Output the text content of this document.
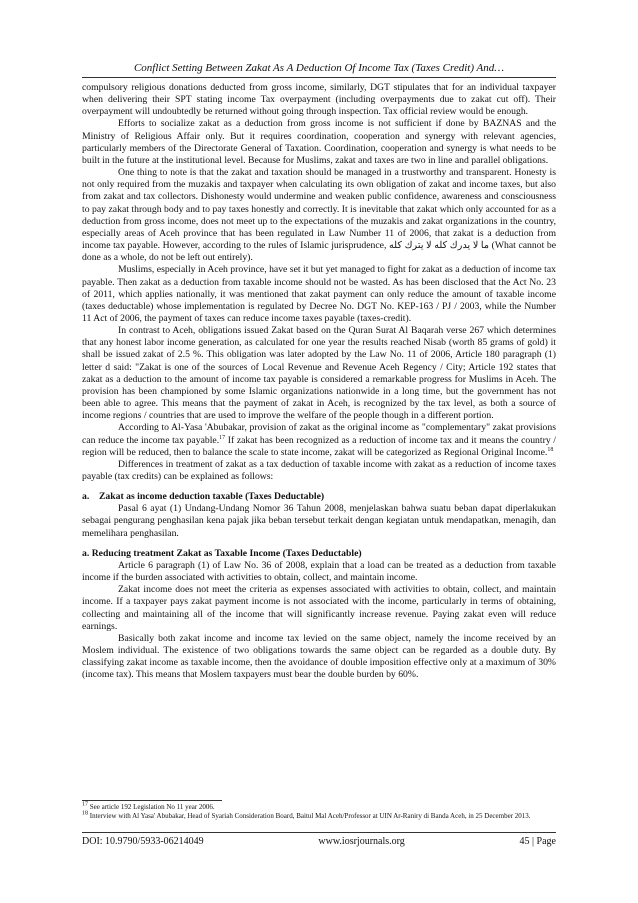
Conflict Setting Between Zakat As A Deduction Of Income Tax (Taxes Credit) And…

compulsory religious donations deducted from gross income, similarly, DGT stipulates that for an individual taxpayer when delivering their SPT stating income Tax overpayment (including overpayments due to zakat cut off). Their overpayment will undoubtedly be returned without going through inspection. Tax official review would be enough.

Efforts to socialize zakat as a deduction from gross income is not sufficient if done by BAZNAS and the Ministry of Religious Affair only. But it requires coordination, cooperation and synergy with relevant agencies, particularly members of the Directorate General of Taxation. Coordination, cooperation and synergy is what needs to be built in the future at the institutional level. Because for Muslims, zakat and taxes are two in line and parallel obligations.

One thing to note is that the zakat and taxation should be managed in a trustworthy and transparent. Honesty is not only required from the muzakis and taxpayer when calculating its own obligation of zakat and income taxes, but also from zakat and tax collectors. Dishonesty would undermine and weaken public confidence, awareness and consciousness to pay zakat through body and to pay taxes honestly and correctly. It is inevitable that zakat which only accounted for as a deduction from gross income, does not meet up to the expectations of the muzakis and zakat organizations in the country, especially areas of Aceh province that has been regulated in Law Number 11 of 2006, that zakat is a deduction from income tax payable. However, according to the rules of Islamic jurisprudence, ما لا يدرك كله لا يترك كله (What cannot be done as a whole, do not be left out entirely).

Muslims, especially in Aceh province, have set it but yet managed to fight for zakat as a deduction of income tax payable. Then zakat as a deduction from taxable income should not be wasted. As has been disclosed that the Act No. 23 of 2011, which applies nationally, it was mentioned that zakat payment can only reduce the amount of taxable income (taxes deductable) whose implementation is regulated by Decree No. DGT No. KEP-163 / PJ / 2003, while the Number 11 Act of 2006, the payment of taxes can reduce income taxes payable (taxes-credit).

In contrast to Aceh, obligations issued Zakat based on the Quran Surat Al Baqarah verse 267 which determines that any honest labor income generation, as calculated for one year the results reached Nisab (worth 85 grams of gold) it shall be issued zakat of 2.5 %. This obligation was later adopted by the Law No. 11 of 2006, Article 180 paragraph (1) letter d said: "Zakat is one of the sources of Local Revenue and Revenue Aceh Regency / City; Article 192 states that zakat as a deduction to the amount of income tax payable is considered a remarkable progress for Muslims in Aceh. The provision has been championed by some Islamic organizations nationwide in a long time, but the government has not been able to agree. This means that the payment of zakat in Aceh, is recognized by the tax level, as both a source of income regions / countries that are used to improve the welfare of the people though in a different portion.

According to Al-Yasa 'Abubakar, provision of zakat as the original income as "complementary" zakat provisions can reduce the income tax payable.$^{17}$ If zakat has been recognized as a reduction of income tax and it means the country / region will be reduced, then to balance the scale to state income, zakat will be categorized as Regional Original Income.$^{18}$

Differences in treatment of zakat as a tax deduction of taxable income with zakat as a reduction of income taxes payable (tax credits) can be explained as follows:

a.    Zakat as income deduction taxable (Taxes Deductable)

Pasal 6 ayat (1) Undang-Undang Nomor 36 Tahun 2008, menjelaskan bahwa suatu beban dapat diperlakukan sebagai pengurang penghasilan kena pajak jika beban tersebut terkait dengan kegiatan untuk mendapatkan, menagih, dan memelihara penghasilan.

a. Reducing treatment Zakat as Taxable Income (Taxes Deductable)

Article 6 paragraph (1) of Law No. 36 of 2008, explain that a load can be treated as a deduction from taxable income if the burden associated with activities to obtain, collect, and maintain income.

Zakat income does not meet the criteria as expenses associated with activities to obtain, collect, and maintain income. If a taxpayer pays zakat payment income is not associated with the income, particularly in terms of obtaining, collecting and maintaining all of the income that will significantly increase revenue. Paying zakat even will reduce earnings.

Basically both zakat income and income tax levied on the same object, namely the income received by an Moslem individual. The existence of two obligations towards the same object can be regarded as a double duty. By classifying zakat income as taxable income, then the avoidance of double imposition effective only at a maximum of 30% (income tax). This means that Moslem taxpayers must bear the double burden by 60%.

$^{17}$ See article 192 Legislation No 11 year 2006.

$^{18}$ Interview with Al Yasa' Abubakar, Head of Syariah Consideration Board, Baitul Mal Aceh/Professor at UIN Ar-Raniry di Banda Aceh, in 25 December 2013.

DOI: 10.9790/5933-06214049	www.iosrjournals.org	45 | Page
